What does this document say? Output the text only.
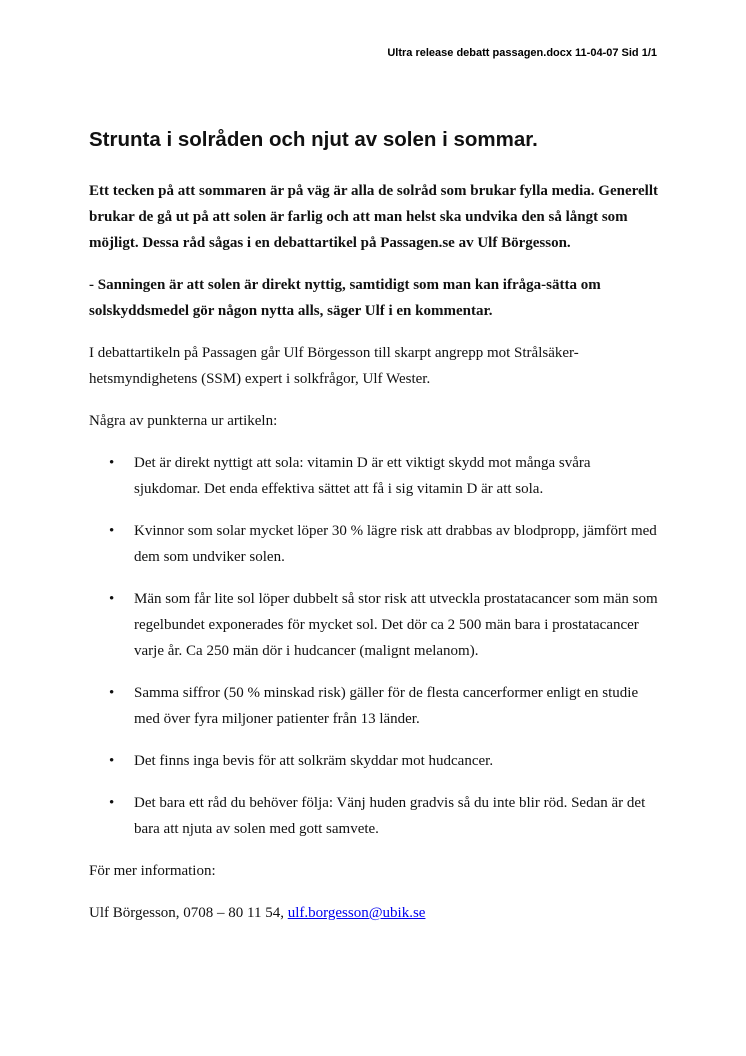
Ultra release debatt passagen.docx 11-04-07 Sid 1/1
Strunta i solråden och njut av solen i sommar.

Ett tecken på att sommaren är på väg är alla de solråd som brukar fylla media. Generellt brukar de gå ut på att solen är farlig och att man helst ska undvika den så långt som möjligt. Dessa råd sågas i en debattartikel på Passagen.se av Ulf Börgesson.

- Sanningen är att solen är direkt nyttig, samtidigt som man kan ifråga-sätta om solskyddsmedel gör någon nytta alls, säger Ulf i en kommentar.

I debattartikeln på Passagen går Ulf Börgesson till skarpt angrepp mot Strålsäker-hetsmyndighetens (SSM) expert i solkfrågor, Ulf Wester.

Några av punkterna ur artikeln:

• Det är direkt nyttigt att sola: vitamin D är ett viktigt skydd mot många svåra sjukdomar. Det enda effektiva sättet att få i sig vitamin D är att sola.
• Kvinnor som solar mycket löper 30 % lägre risk att drabbas av blodpropp, jämfört med dem som undviker solen.
• Män som får lite sol löper dubbelt så stor risk att utveckla prostatacancer som män som regelbundet exponerades för mycket sol. Det dör ca 2 500 män bara i prostatacancer varje år. Ca 250 män dör i hudcancer (malignt melanom).
• Samma siffror (50 % minskad risk) gäller för de flesta cancerformer enligt en studie med över fyra miljoner patienter från 13 länder.
• Det finns inga bevis för att solkräm skyddar mot hudcancer.
• Det bara ett råd du behöver följa: Vänj huden gradvis så du inte blir röd. Sedan är det bara att njuta av solen med gott samvete.

För mer information:

Ulf Börgesson, 0708 – 80 11 54, ulf.borgesson@ubik.se
